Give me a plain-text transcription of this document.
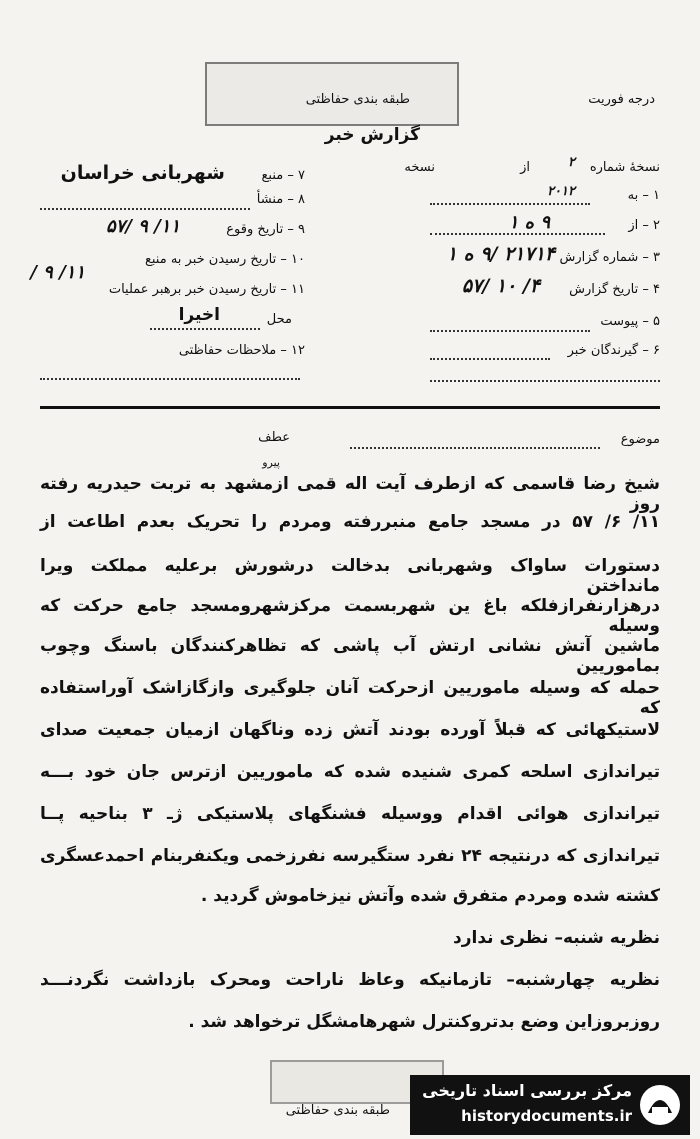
درجه فوریت
طبقه بندی حفاظتی
گزارش خبر
نسخهٔ شماره
۲
از
نسخه
۱ – به
۲۰۱۲
۲ – از
۹ ه ۱
۳ – شماره گزارش
۲۱۷۱۴ /۹ ه ۱
۴ – تاریخ گزارش
۴/ ۱۰ /۵۷
۵ – پیوست
۶ – گیرندگان خبر
۷ – منبع
شهربانی خراسان
۸ – منشأ
۹ – تاریخ وقوع
۱۱/ ۹ /۵۷
۱۰ – تاریخ رسیدن خبر به منبع
۱۱/ ۹ /
۱۱ – تاریخ رسیدن خبر برهبر عملیات
محل
اخیرا
۱۲ – ملاحظات حفاظتی
موضوع
عطف
پیرو
شیخ رضا قاسمی که ازطرف آیت اله قمی ازمشهد به تربت حیدریه رفته روز
۱۱/ ۶/ ۵۷ در مسجد جامع منبررفته ومردم را تحریک بعدم اطاعت از
دستورات ساواک وشهربانی بدخالت درشورش برعلیه مملکت ویرا مانداختن
درهزارنفرازفلکه باغ ین شهربسمت مرکزشهرومسجد جامع حرکت که وسیله
ماشین آتش نشانی ارتش آب پاشی که تظاهرکنندگان باسنگ وچوب بماموریین
حمله که وسیله ماموریین ازحرکت آنان جلوگیری وازگازاشک آوراستفاده که
لاستیکهائی که قبلاً آورده بودند آتش زده وناگهان ازمیان جمعیت صدای
تیراندازی اسلحه کمری شنیده شده که ماموریین ازترس جان خود بـــه
تیراندازی هوائی اقدام ووسیله فشنگهای پلاستیکی ژـ ۳ بناحیه پــا
تیراندازی که درنتیجه ۲۴ نفرد ستگیرسه نفرزخمی ویکنفربنام احمدعسگری
کشته شده ومردم متفرق شده وآتش نیزخاموش گردید .
نظریه شنبه– نظری ندارد
نظریه چهارشنبه– تازمانیکه وعاظ ناراحت ومحرک بازداشت نگردنـــد
روزبروزاین وضع بدتروکنترل شهرهامشگل ترخواهد شد .
طبقه بندی حفاظتی
مرکز بررسی اسناد تاریخی
historydocuments.ir
